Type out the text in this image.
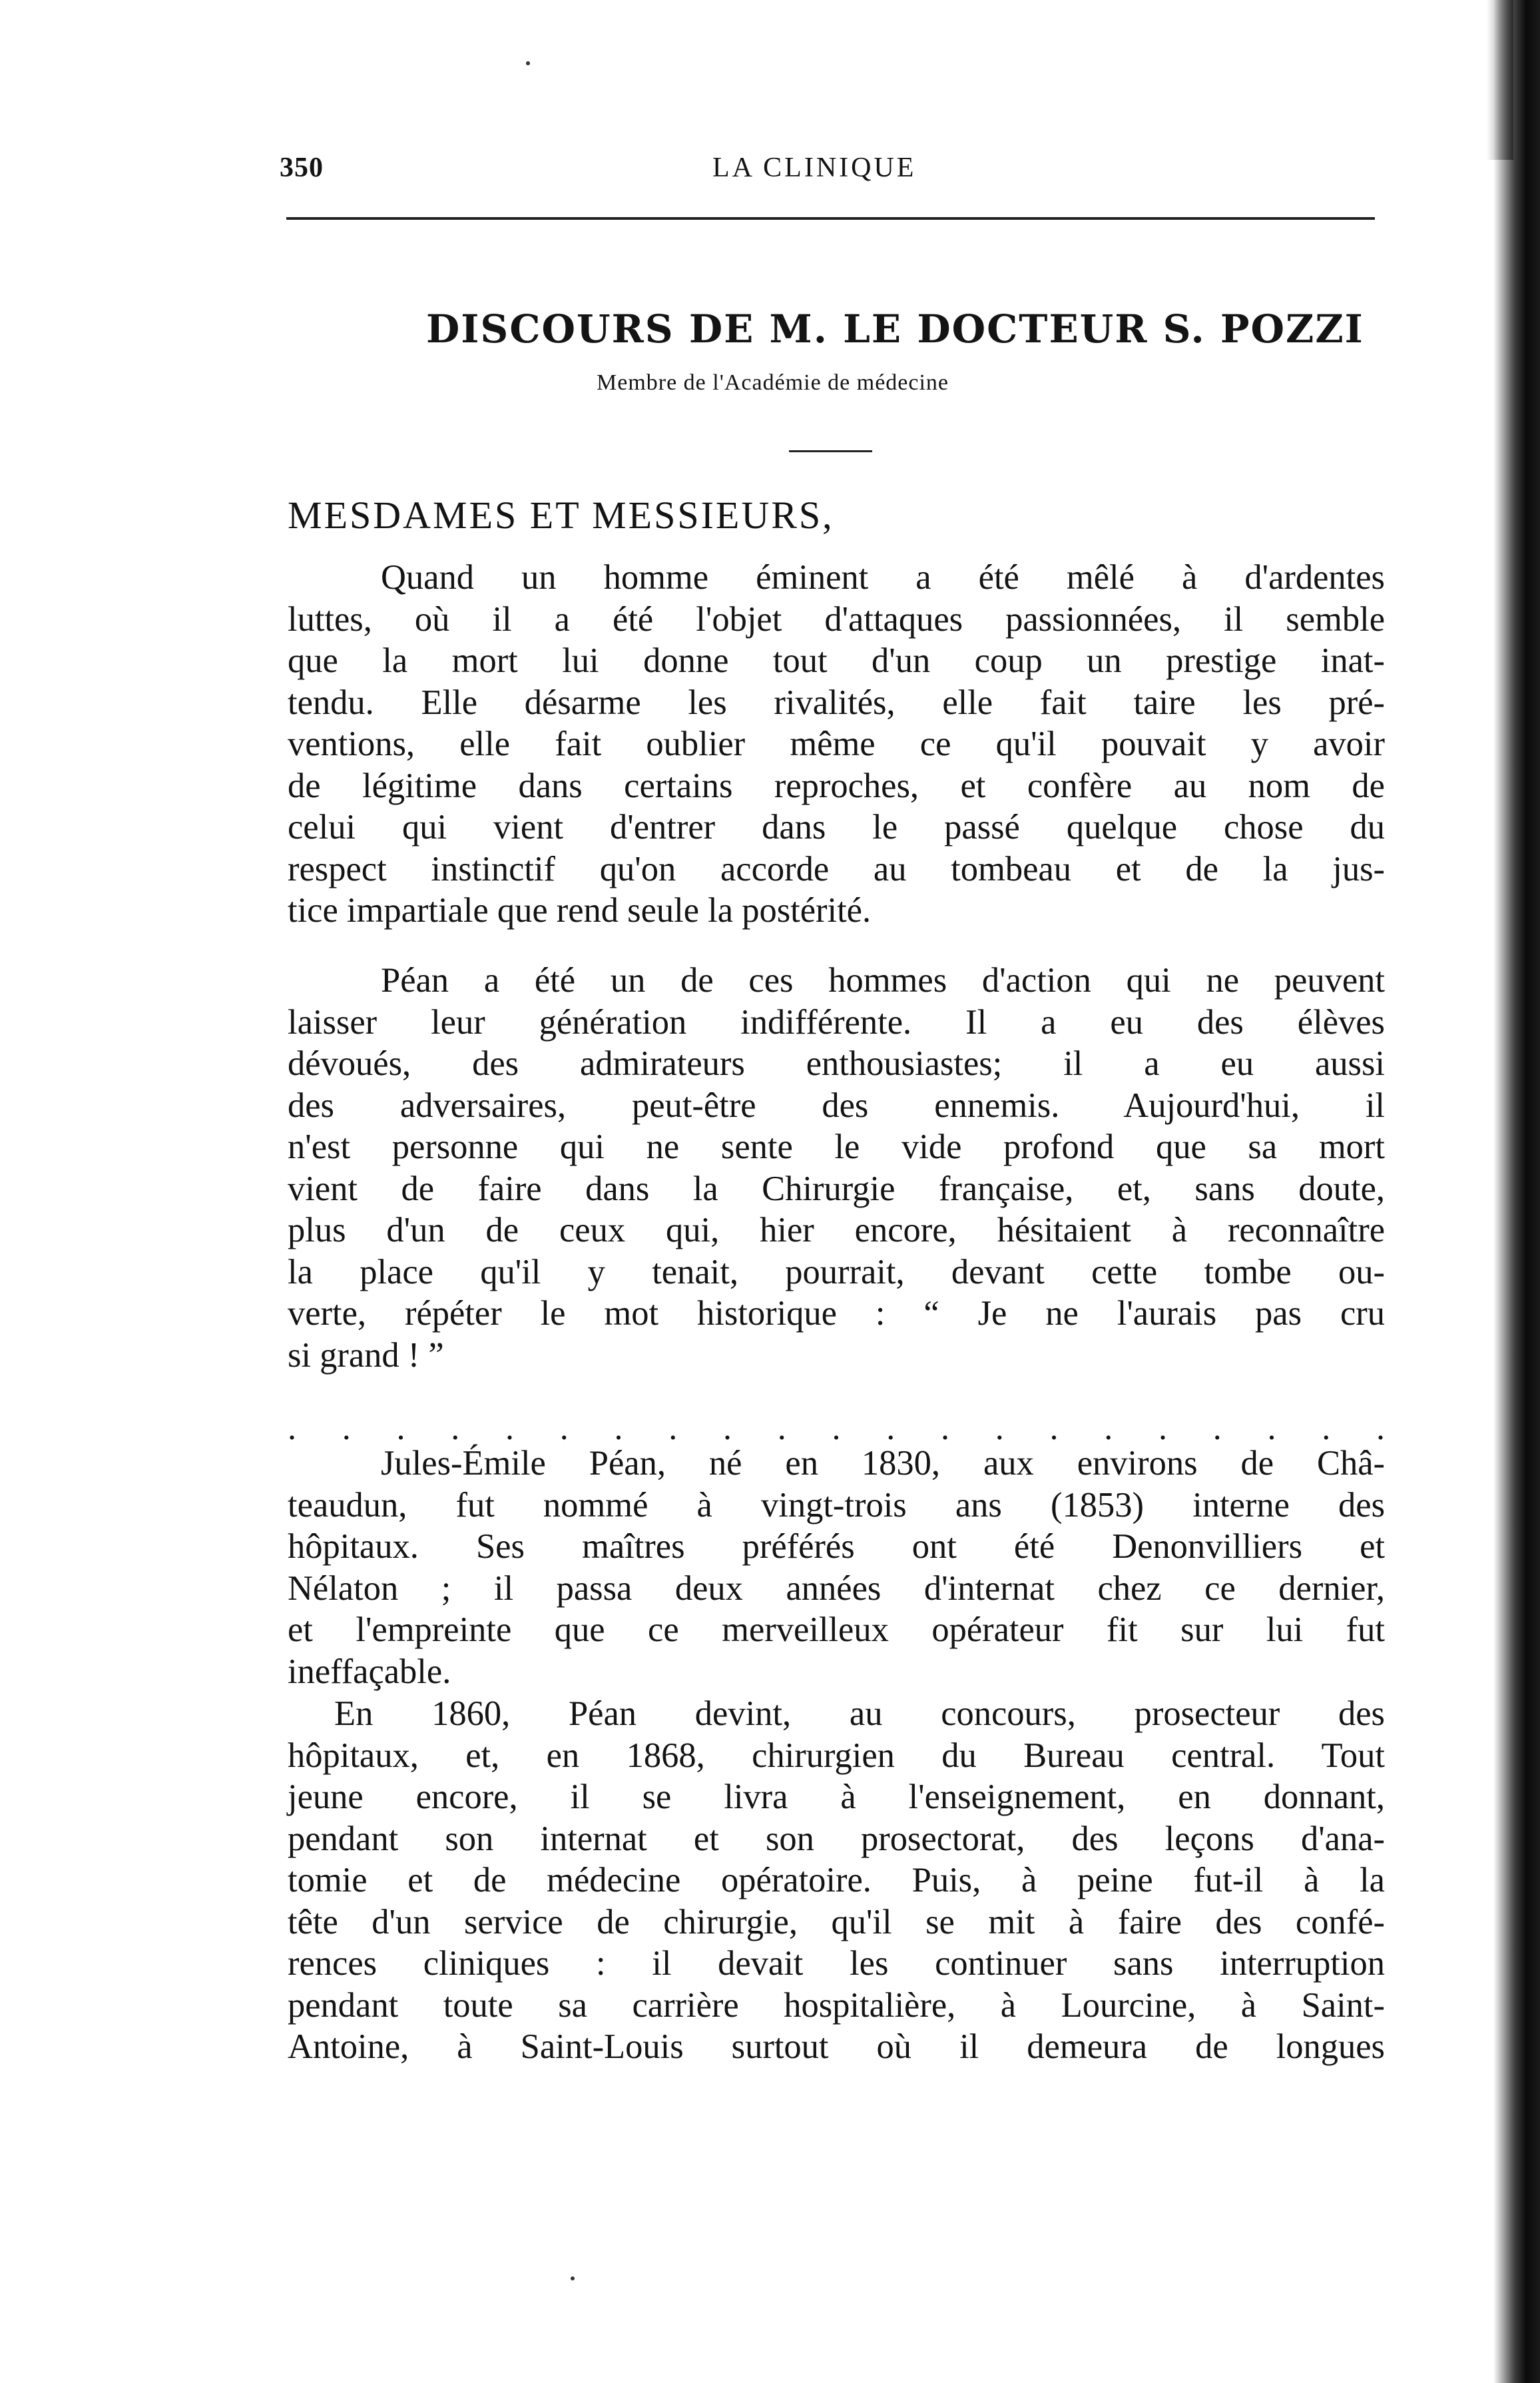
350	LA CLINIQUE
DISCOURS DE M. LE DOCTEUR S. POZZI
Membre de l'Académie de médecine
MESDAMES ET MESSIEURS,
Quand un homme éminent a été mêlé à d'ardentes
luttes, où il a été l'objet d'attaques passionnées, il semble
que la mort lui donne tout d'un coup un prestige inat-
tendu. Elle désarme les rivalités, elle fait taire les pré-
ventions, elle fait oublier même ce qu'il pouvait y avoir
de légitime dans certains reproches, et confère au nom de
celui qui vient d'entrer dans le passé quelque chose du
respect instinctif qu'on accorde au tombeau et de la jus-
tice impartiale que rend seule la postérité.
Péan a été un de ces hommes d'action qui ne peuvent
laisser leur génération indifférente. Il a eu des élèves
dévoués, des admirateurs enthousiastes; il a eu aussi
des adversaires, peut-être des ennemis. Aujourd'hui, il
n'est personne qui ne sente le vide profond que sa mort
vient de faire dans la Chirurgie française, et, sans doute,
plus d'un de ceux qui, hier encore, hésitaient à reconnaître
la place qu'il y tenait, pourrait, devant cette tombe ou-
verte, répéter le mot historique : “ Je ne l'aurais pas cru
si grand ! ”
. . . . . . . . . . . . . . . . . . . . .
Jules-Émile Péan, né en 1830, aux environs de Châ-
teaudun, fut nommé à vingt-trois ans (1853) interne des
hôpitaux. Ses maîtres préférés ont été Denonvilliers et
Nélaton ; il passa deux années d'internat chez ce dernier,
et l'empreinte que ce merveilleux opérateur fit sur lui fut
ineffaçable.
En 1860, Péan devint, au concours, prosecteur des
hôpitaux, et, en 1868, chirurgien du Bureau central. Tout
jeune encore, il se livra à l'enseignement, en donnant,
pendant son internat et son prosectorat, des leçons d'ana-
tomie et de médecine opératoire. Puis, à peine fut-il à la
tête d'un service de chirurgie, qu'il se mit à faire des confé-
rences cliniques : il devait les continuer sans interruption
pendant toute sa carrière hospitalière, à Lourcine, à Saint-
Antoine, à Saint-Louis surtout où il demeura de longues
